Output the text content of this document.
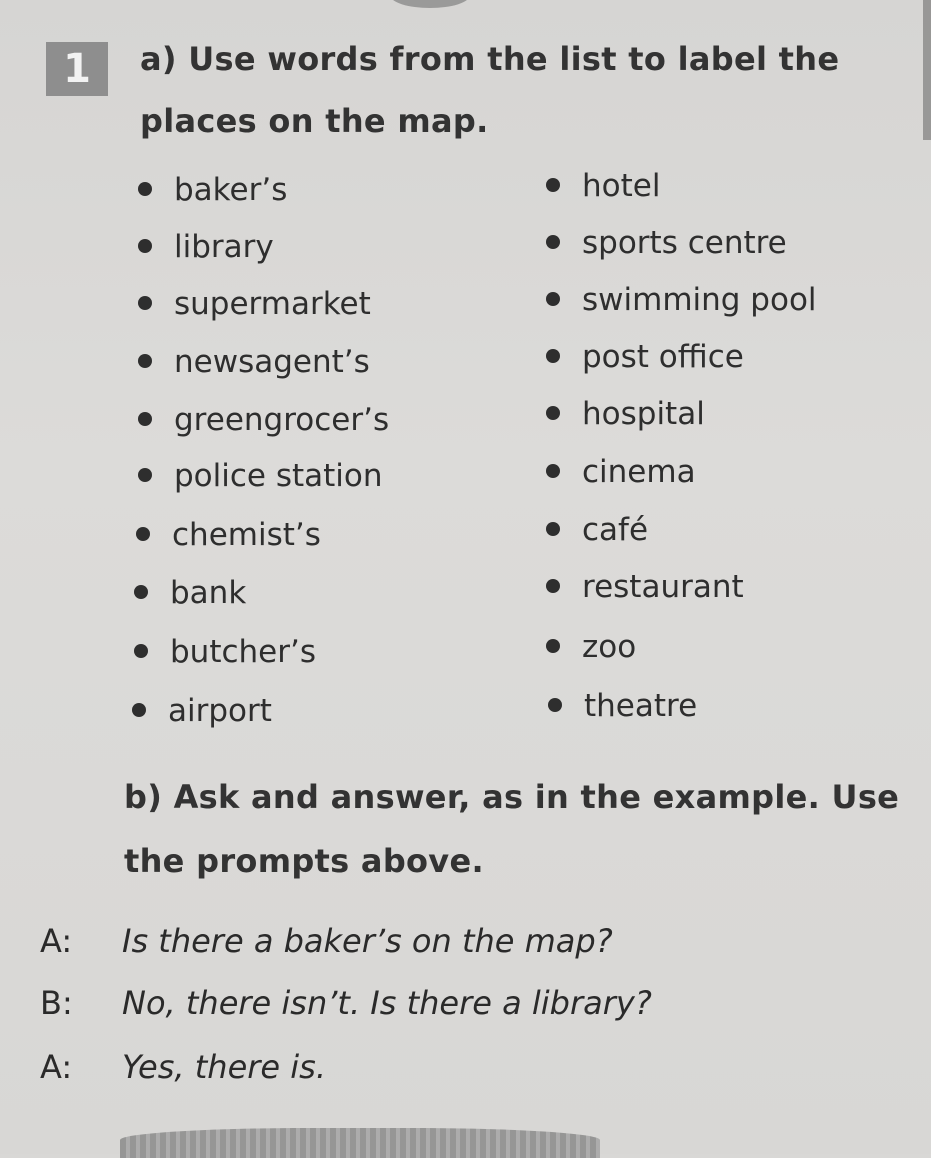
1	a) Use words from the list to label the

places on the map.

baker’s
library
supermarket
newsagent’s
greengrocer’s
police station
chemist’s
bank
butcher’s
airport
hotel
sports centre
swimming pool
post office
hospital
cinema
café
restaurant
zoo
theatre

b) Ask and answer, as in the example. Use

the prompts above.

A: Is there a baker’s on the map?
B: No, there isn’t. Is there a library?
A: Yes, there is.
